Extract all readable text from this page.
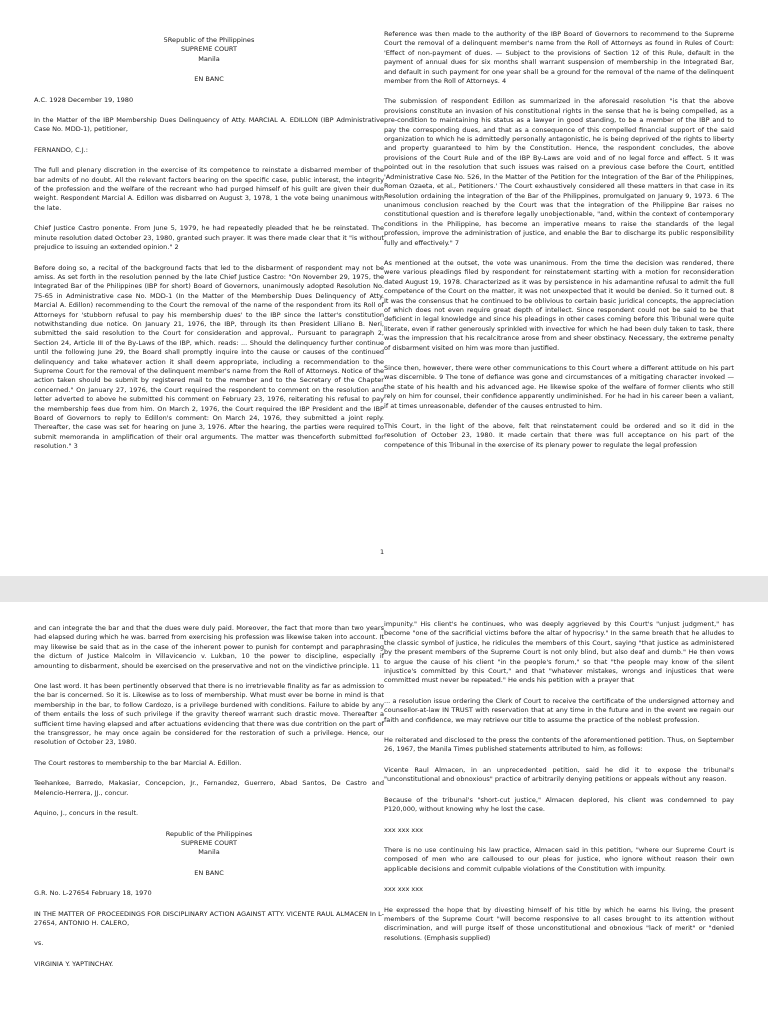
5Republic of the Philippines

SUPREME COURT

Manila

EN BANC

A.C. 1928 December 19, 1980

In the Matter of the IBP Membership Dues Delinquency of Atty. MARCIAL A. EDILLON (IBP Administrative Case No. MDD-1), petitioner,

FERNANDO, C.J.:

The full and plenary discretion in the exercise of its competence to reinstate a disbarred member of the bar admits of no doubt. All the relevant factors bearing on the specific case, public interest, the integrity of the profession and the welfare of the recreant who had purged himself of his guilt are given their due weight. Respondent Marcial A. Edillon was disbarred on August 3, 1978, 1 the vote being unanimous with the late.

Chief Justice Castro ponente. From June 5, 1979, he had repeatedly pleaded that he be reinstated. The minute resolution dated October 23, 1980, granted such prayer. It was there made clear that it "is without prejudice to issuing an extended opinion." 2

Before doing so, a recital of the background facts that led to the disbarment of respondent may not be amiss. As set forth in the resolution penned by the late Chief Justice Castro: "On November 29, 1975, the Integrated Bar of the Philippines (IBP for short) Board of Governors, unanimously adopted Resolution No. 75-65 in Administrative case No. MDD-1 (In the Matter of the Membership Dues Delinquency of Atty. Marcial A. Edillon) recommending to the Court the removal of the name of the respondent from its Roll of Attorneys for 'stubborn refusal to pay his membership dues' to the IBP since the latter's constitution notwithstanding due notice. On January 21, 1976, the IBP, through its then President Liliano B. Neri, submitted the said resolution to the Court for consideration and approval,. Pursuant to paragraph 2, Section 24, Article III of the By-Laws of the IBP, which. reads: ... Should the delinquency further continue until the following June 29, the Board shall promptly inquire into the cause or causes of the continued delinquency and take whatever action it shall deem appropriate, including a recommendation to the Supreme Court for the removal of the delinquent member's name from the Roll of Attorneys. Notice of the action taken should be submit by registered mail to the member and to the Secretary of the Chapter concerned." On January 27, 1976, the Court required the respondent to comment on the resolution and letter adverted to above he submitted his comment on February 23, 1976, reiterating his refusal to pay the membership fees due from him. On March 2, 1976, the Court required the IBP President and the IBP Board of Governors to reply to Edillon's comment: On March 24, 1976, they submitted a joint reply. Thereafter, the case was set for hearing on June 3, 1976. After the hearing, the parties were required to submit memoranda in amplification of their oral arguments. The matter was thenceforth submitted for resolution." 3

Reference was then made to the authority of the IBP Board of Governors to recommend to the Supreme Court the removal of a delinquent member's name from the Roll of Attorneys as found in Rules of Court: 'Effect of non-payment of dues. — Subject to the provisions of Section 12 of this Rule, default in the payment of annual dues for six months shall warrant suspension of membership in the Integrated Bar, and default in such payment for one year shall be a ground for the removal of the name of the delinquent member from the Roll of Attorneys. 4

The submission of respondent Edillon as summarized in the aforesaid resolution "is that the above provisions constitute an invasion of his constitutional rights in the sense that he is being compelled, as a pre-condition to maintaining his status as a lawyer in good standing, to be a member of the IBP and to pay the corresponding dues, and that as a consequence of this compelled financial support of the said organization to which he is admittedly personally antagonistic, he is being deprived of the rights to liberty and property guaranteed to him by the Constitution. Hence, the respondent concludes, the above provisions of the Court Rule and of the IBP By-Laws are void and of no legal force and effect. 5 It was pointed out in the resolution that such issues was raised on a previous case before the Court, entitled 'Administrative Case No. 526, In the Matter of the Petition for the Integration of the Bar of the Philippines, Roman Ozaeta, et al., Petitioners.' The Court exhaustively considered all these matters in that case in its Resolution ordaining the integration of the Bar of the Philippines, promulgated on January 9, 1973. 6 The unanimous conclusion reached by the Court was that the integration of the Philippine Bar raises no constitutional question and is therefore legally unobjectionable, "and, within the context of contemporary conditions in the Philippine, has become an imperative means to raise the standards of the legal profession, improve the administration of justice, and enable the Bar to discharge its public responsibility fully and effectively." 7

As mentioned at the outset, the vote was unanimous. From the time the decision was rendered, there were various pleadings filed by respondent for reinstatement starting with a motion for reconsideration dated August 19, 1978. Characterized as it was by persistence in his adamantine refusal to admit the full competence of the Court on the matter, it was not unexpected that it would be denied. So it turned out. 8 It was the consensus that he continued to be oblivious to certain basic juridical concepts, the appreciation of which does not even require great depth of intellect. Since respondent could not be said to be that deficient in legal knowledge and since his pleadings in other cases coming before this Tribunal were quite literate, even if rather generously sprinkled with invective for which he had been duly taken to task, there was the impression that his recalcitrance arose from and sheer obstinacy. Necessary, the extreme penalty of disbarment visited on him was more than justified.

Since then, however, there were other communications to this Court where a different attitude on his part was discernible. 9 The tone of defiance was gone and circumstances of a mitigating character invoked — the state of his health and his advanced age. He likewise spoke of the welfare of former clients who still rely on him for counsel, their confidence apparently undiminished. For he had in his career been a valiant, if at times unreasonable, defender of the causes entrusted to him.

This Court, in the light of the above, felt that reinstatement could be ordered and so it did in the resolution of October 23, 1980. It made certain that there was full acceptance on his part of the competence of this Tribunal in the exercise of its plenary power to regulate the legal profession

1

and can integrate the bar and that the dues were duly paid. Moreover, the fact that more than two years had elapsed during which he was. barred from exercising his profession was likewise taken into account. It may likewise be said that as in the case of the inherent power to punish for contempt and paraphrasing the dictum of Justice Malcolm in Villavicencio v. Lukban, 10 the power to discipline, especially if amounting to disbarment, should be exercised on the preservative and not on the vindictive principle. 11

One last word. It has been pertinently observed that there is no irretrievable finality as far as admission to the bar is concerned. So it is. Likewise as to loss of membership. What must ever be borne in mind is that membership in the bar, to follow Cardozo, is a privilege burdened with conditions. Failure to abide by any of them entails the loss of such privilege if the gravity thereof warrant such drastic move. Thereafter a sufficient time having elapsed and after actuations evidencing that there was due contrition on the part of the transgressor, he may once again be considered for the restoration of such a privilege. Hence, our resolution of October 23, 1980.

The Court restores to membership to the bar Marcial A. Edillon.

Teehankee, Barredo, Makasiar, Concepcion, Jr., Fernandez, Guerrero, Abad Santos, De Castro and Melencio-Herrera, JJ., concur.

Aquino, J., concurs in the result.

Republic of the Philippines

SUPREME COURT

Manila

EN BANC

G.R. No. L-27654 February 18, 1970

IN THE MATTER OF PROCEEDINGS FOR DISCIPLINARY ACTION AGAINST ATTY. VICENTE RAUL ALMACEN In L-27654, ANTONIO H. CALERO,

vs.

VIRGINIA Y. YAPTINCHAY.

impunity." His client's he continues, who was deeply aggrieved by this Court's "unjust judgment," has become "one of the sacrificial victims before the altar of hypocrisy." In the same breath that he alludes to the classic symbol of justice, he ridicules the members of this Court, saying "that justice as administered by the present members of the Supreme Court is not only blind, but also deaf and dumb." He then vows to argue the cause of his client "in the people's forum," so that "the people may know of the silent injustice's committed by this Court," and that "whatever mistakes, wrongs and injustices that were committed must never be repeated." He ends his petition with a prayer that

... a resolution issue ordering the Clerk of Court to receive the certificate of the undersigned attorney and counsellor-at-law IN TRUST with reservation that at any time in the future and in the event we regain our faith and confidence, we may retrieve our title to assume the practice of the noblest profession.

He reiterated and disclosed to the press the contents of the aforementioned petition. Thus, on September 26, 1967, the Manila Times published statements attributed to him, as follows:

Vicente Raul Almacen, in an unprecedented petition, said he did it to expose the tribunal's "unconstitutional and obnoxious" practice of arbitrarily denying petitions or appeals without any reason.

Because of the tribunal's "short-cut justice," Almacen deplored, his client was condemned to pay P120,000, without knowing why he lost the case.

xxx xxx xxx

There is no use continuing his law practice, Almacen said in this petition, "where our Supreme Court is composed of men who are calloused to our pleas for justice, who ignore without reason their own applicable decisions and commit culpable violations of the Constitution with impunity.

xxx xxx xxx

He expressed the hope that by divesting himself of his title by which he earns his living, the present members of the Supreme Court "will become responsive to all cases brought to its attention without discrimination, and will purge itself of those unconstitutional and obnoxious "lack of merit" or "denied resolutions. (Emphasis supplied)
